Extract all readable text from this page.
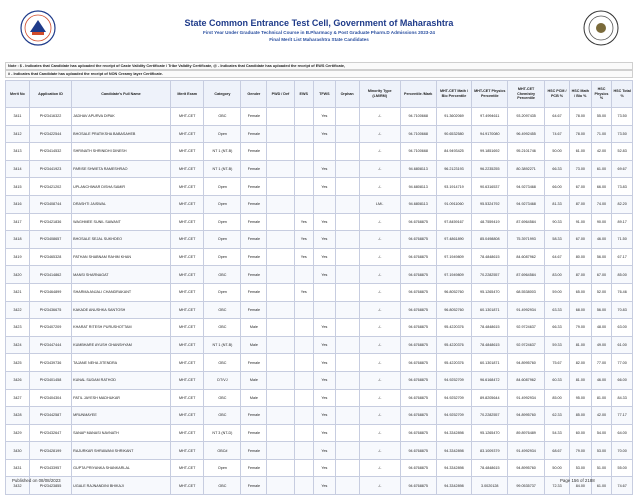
State Common Entrance Test Cell, Government of Maharashtra
First Year Under Graduate Technical Course in B.Pharmacy & Post Graduate Pharm.D Admissions 2023-24
Final Merit List Maharashtra State Candidates
Note : $ - Indicates that Candidate has uploaded the receipt of Caste Validity Certificate / Tribe Validity Certificate, @ - Indicates that Candidate has uploaded the receipt of EWS Certificate,
# - Indicates that Candidate has uploaded the receipt of NON Creamy layer Certificate.
Merit No	Application ID	Candidate's Full Name	Merit Exam	Category	Gender	PWD / Def	EWS	TFWS	Orphan	Minority Type (LM/RM)	Percentile /Mark	MHT-CET Math / Bio Percentile	MHT-CET Physics Percentile	MHT-CET Chemistry Percentile	HSC PCM / PCB %	HSC Math / Bio %	HSC Physics %	HSC Total %
3411	PH23416322	JADHAV APURVA DIPAK	MHT-CET	OBC	Female			Yes		-/-	94.7100668	91.3602069	97.4994611	93.2097435	64.67	78.00	55.00	73.50
3412	PH23422544	BHOSALE PRATIKSHA BABASAHEB	MHT-CET	Open	Female			Yes		-/-	94.7100668	90.6532580	94.9170080	96.4992455	74.67	78.00	71.00	73.50
3413	PH23414532	SHRINATH SHRINIDHI DINESH	MHT-CET	NT 1 (NT-B)	Female					-/-	94.7100668	84.9493425	99.1851692	95.2101746	50.00	61.00	42.00	52.83
3414	PH23441923	PARISE SHWETA RAMESHRAO	MHT-CET	NT 1 (NT-B)	Female			Yes		-/-	94.6808113	96.2123193	96.2235255	80.3892271	66.33	73.00	61.00	69.67
3415	PH23421202	UPLANCHIWAR DISHA SAMIR	MHT-CET	Open	Female			Yes		-/-	94.6808113	93.1914719	90.6316537	94.9273468	66.00	67.00	66.00	73.83
3416	PH23408744	DRASHTI JAISWAL	MHT-CET	Open	Female					LM/-	94.6808113	91.0911060	95.5324792	94.9273468	81.33	87.00	74.00	82.20
3417	PH23421836	WAGHMEE SUNIL SAWANT	MHT-CET	Open	Female		Yes	Yes		-/-	94.6768875	97.8459167	48.7559419	87.6964584	90.33	91.00	90.00	89.17
3418	PH23408657	BHOSALE SEJAL SUKHDEO	MHT-CET	Open	Female		Yes	Yes		-/-	94.6768875	97.4861890	85.0498808	75.3971993	58.33	67.00	46.00	71.50
3419	PH23465328	PATHAN SHABNAM RAHIM KHAN	MHT-CET	Open	Female		Yes	Yes		-/-	94.6768875	97.1949809	78.4848615	84.6087962	64.67	80.00	56.00	67.17
3420	PH23414862	MANSI SHARNAGAT	MHT-CET	OBC	Female			Yes		-/-	94.6768875	97.1949809	70.2282557	87.6964584	83.00	87.00	67.00	85.00
3421	PH23464899	SHARMA ANJALI CHANDRAKANT	MHT-CET	Open	Female		Yes			-/-	94.6768875	96.8052760	95.1265470	68.5538003	59.00	65.00	52.00	76.46
3422	PH23436675	KAKADE ANUSHKA SANTOSH	MHT-CET	OBC	Female					-/-	94.6768875	96.8052760	60.1301871	91.4992934	63.33	68.00	56.00	70.83
3423	PH23407209	KHARAT RITESH PURUSHOTTAM	MHT-CET	OBC	Male			Yes		-/-	94.6768875	95.4220376	78.4848615	92.9724637	66.33	79.00	48.00	63.00
3424	PH23447444	KUMBHARE AYUSH GHANSHYAM	MHT-CET	NT 1 (NT-B)	Male			Yes		-/-	94.6768875	95.4220376	78.4848615	92.9724637	59.33	81.00	49.00	61.00
3425	PH23439736	TAJANE NEHA JITENDRA	MHT-CET	OBC	Female			Yes		-/-	94.6768875	95.4220376	60.1301871	94.8995760	75.67	82.00	77.00	77.00
3426	PH23401458	KUNAL SUDAM RATHOD	MHT-CET	DT/VJ	Male			Yes		-/-	94.6768875	94.9252709	96.6168472	84.6087962	60.33	81.00	46.00	66.00
3427	PH23404304	PATIL JAYESH MADHUKAR	MHT-CET	OBC	Male			Yes		-/-	94.6768875	94.9252709	89.8205644	91.4992934	85.00	95.00	81.00	84.33
3428	PH23442587	MRUNMAYEE	MHT-CET	OBC	Female			Yes		-/-	94.6768875	94.9252709	70.2282557	94.8995760	62.33	85.00	42.00	77.17
3429	PH23432647	SANAP MANASI NAVNATH	MHT-CET	NT 3 (NT-D)	Female			Yes		-/-	94.6768875	94.3342898	95.1265470	89.8976489	54.33	60.00	54.00	64.00
3430	PH23428199	RAJURKAR SHRAWANI SHRIKANT	MHT-CET	OBC#	Female			Yes		-/-	94.6768875	94.3342898	83.1009379	91.4992934	68.67	79.00	53.00	70.00
3431	PH23433957	GUPTA PRIYANKA SHANKARLAL	MHT-CET	Open	Female			Yes		-/-	94.6768875	94.3342898	78.4848615	94.8995760	50.00	53.00	51.00	55.00
3432	PH23423855	UGALE RAJNANDINI BHIKAJI	MHT-CET	OBC	Female			Yes		-/-	94.6768875	94.3342898	3.0020128	99.0535737	72.33	84.00	61.00	74.67
Published on 08/08/2023	Page 156 of 2188
